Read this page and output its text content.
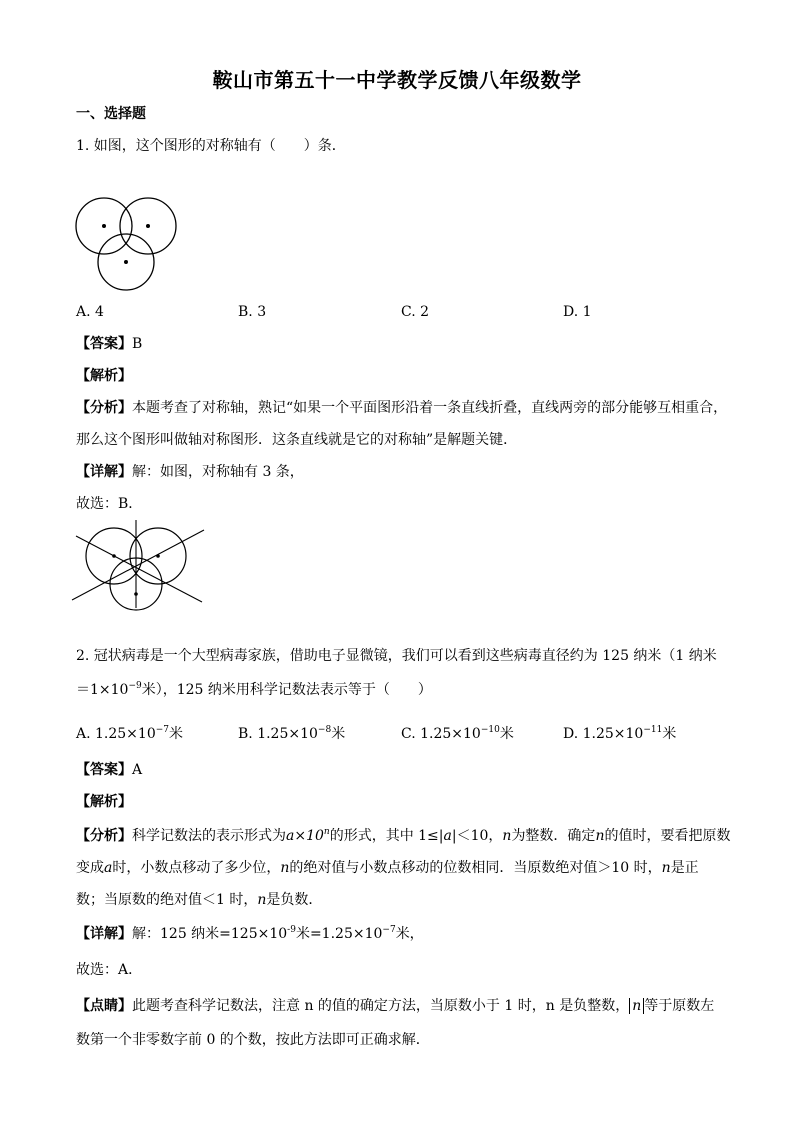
鞍山市第五十一中学教学反馈八年级数学
一、选择题
1. 如图，这个图形的对称轴有（　　）条．
A. 4	B. 3	C. 2	D. 1
【答案】B
【解析】
【分析】本题考查了对称轴，熟记“如果一个平面图形沿着一条直线折叠，直线两旁的部分能够互相重合，
那么这个图形叫做轴对称图形．这条直线就是它的对称轴”是解题关键．
【详解】解：如图，对称轴有 3 条，
故选：B．
2. 冠状病毒是一个大型病毒家族，借助电子显微镜，我们可以看到这些病毒直径约为 125 纳米（1 纳米
$=1\times 10^{-9}$米），125 纳米用科学记数法表示等于（　　）
A. $1.25\times 10^{-7}$米	B. $1.25\times 10^{-8}$米	C. $1.25\times 10^{-10}$米	D. $1.25\times 10^{-11}$米
【答案】A
【解析】
【分析】科学记数法的表示形式为$a\times 10^n$的形式，其中 1≤|a|＜10，n为整数．确定n的值时，要看把原数
变成a时，小数点移动了多少位，n的绝对值与小数点移动的位数相同．当原数绝对值＞10 时，n是正
数；当原数的绝对值＜1 时，n是负数．
【详解】解：125 纳米$=125\times 10^{-9}$米$=1.25\times 10^{-7}$米，
故选：A．
【点睛】此题考查科学记数法，注意 n 的值的确定方法，当原数小于 1 时，n 是负整数， n 等于原数左
数第一个非零数字前 0 的个数，按此方法即可正确求解．
